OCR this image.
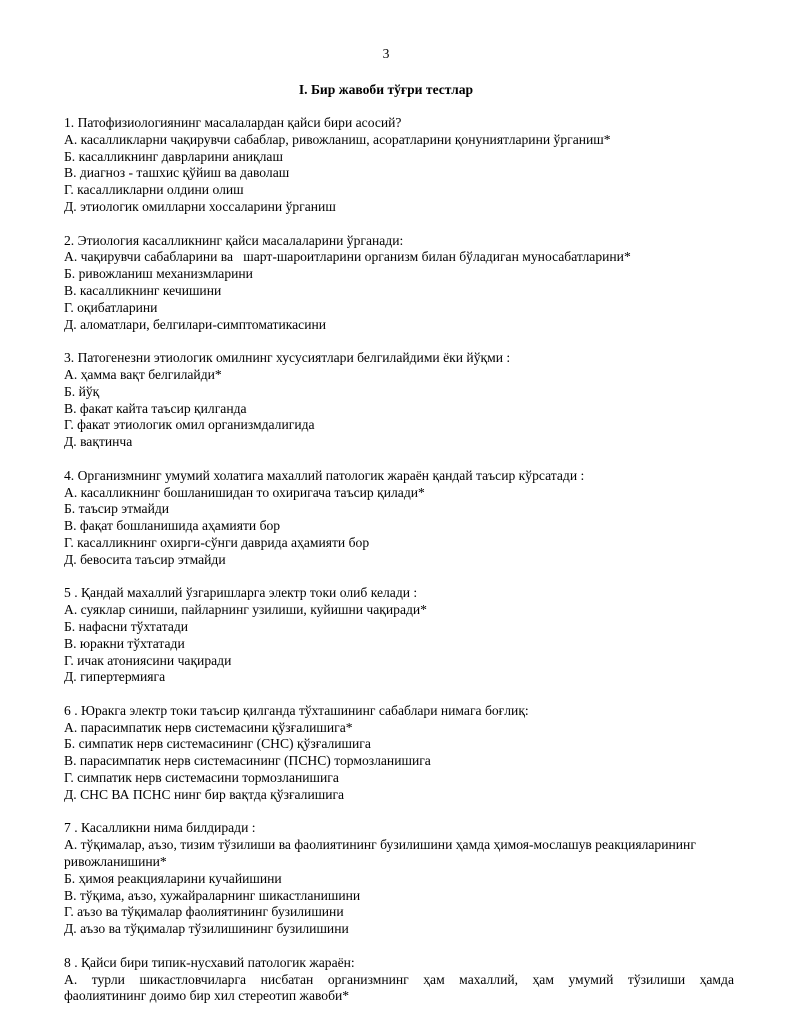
3
I. Бир жавоби тўғри тестлар
1. Патофизиологиянинг масалалардан қайси бири асосий?
А. касалликларни чақирувчи сабаблар, ривожланиш, асоратларини қонуниятларини ўрганиш*
Б. касалликнинг даврларини аниқлаш
В. диагноз - ташхис қўйиш ва даволаш
Г. касалликларни олдини олиш
Д. этиологик омилларни хоссаларини ўрганиш
2. Этиология касалликнинг қайси масалаларини ўрганади:
А. чақирувчи сабабларини ва   шарт-шароитларини организм билан бўладиган муносабатларини*
Б. ривожланиш механизмларини
В. касалликнинг кечишини
Г. оқибатларини
Д. аломатлари, белгилари-симптоматикасини
3. Патогенезни этиологик омилнинг хусусиятлари белгилайдими ёки йўқми :
А. ҳамма вақт белгилайди*
Б. йўқ
В. факат кайта таъсир қилганда
Г. факат этиологик омил организмдалигида
Д. вақтинча
4. Организмнинг умумий холатига махаллий патологик жараён қандай таъсир кўрсатади :
А. касалликнинг бошланишидан то охиригача таъсир қилади*
Б. таъсир этмайди
В. фақат бошланишида аҳамияти бор
Г. касалликнинг охирги-сўнги даврида аҳамияти бор
Д. бевосита таъсир этмайди
5 . Қандай махаллий ўзгаришларга электр токи олиб келади :
А. суяклар синиши, пайларнинг узилиши, куйишни чақиради*
Б. нафасни тўхтатади
В. юракни тўхтатади
Г. ичак атониясини чақиради
Д. гипертермияга
6 . Юракга электр токи таъсир қилганда тўхташининг сабаблари нимага боғлиқ:
А. парасимпатик нерв системасини қўзғалишига*
Б. симпатик нерв системасининг (СНС) қўзғалишига
В. парасимпатик нерв системасининг (ПСНС) тормозланишига
Г. симпатик нерв системасини тормозланишига
Д. СНС ВА ПСНС нинг бир вақтда қўзғалишига
7 . Касалликни нима билдиради :
А. тўқималар, аъзо, тизим тўзилиши ва фаолиятининг бузилишини ҳамда ҳимоя-мослашув реакцияларининг ривожланишини*
Б. ҳимоя реакцияларини кучайишини
В. тўқима, аъзо, хужайраларнинг шикастланишини
Г. аъзо ва тўқималар фаолиятининг бузилишини
Д. аъзо ва тўқималар тўзилишининг бузилишини
8 . Қайси бири типик-нусхавий патологик жараён:
А. турли шикастловчиларга нисбатан организмнинг ҳам махаллий, ҳам умумий тўзилиши ҳамда
фаолиятининг доимо бир хил стереотип жавоби*
